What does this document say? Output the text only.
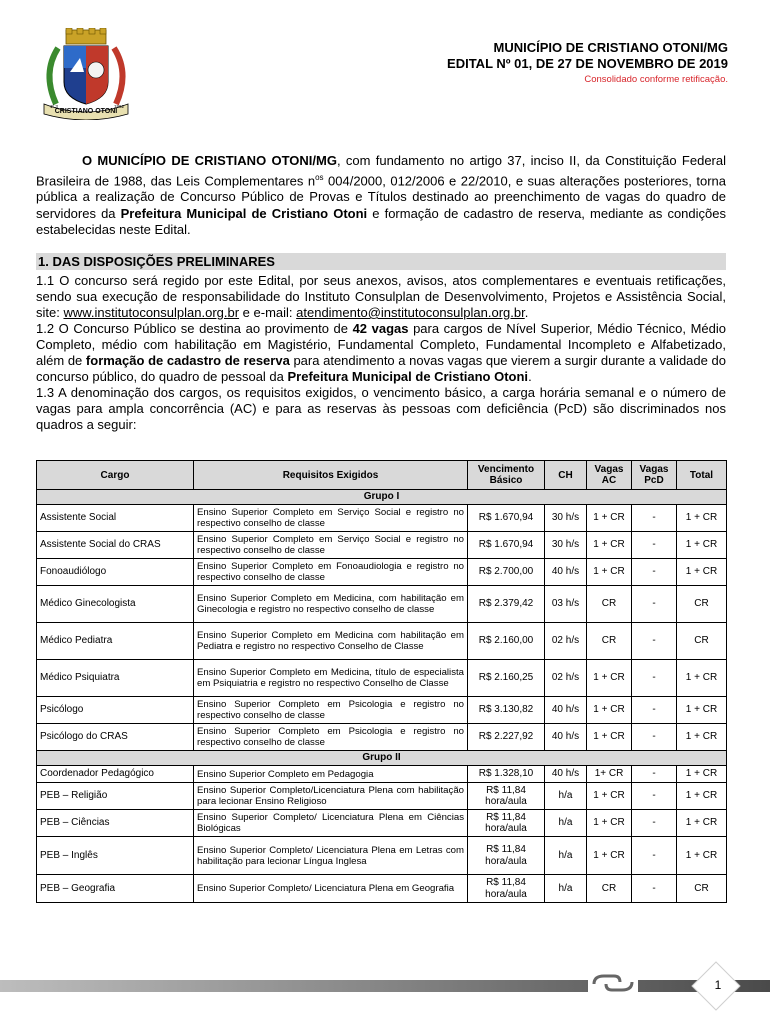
CRISTIANO OTONI
1º.3	1962
MUNICÍPIO DE CRISTIANO OTONI/MG
EDITAL Nº 01, DE 27 DE NOVEMBRO DE 2019
Consolidado conforme retificação.

O MUNICÍPIO DE CRISTIANO OTONI/MG, com fundamento no artigo 37, inciso II, da Constituição Federal Brasileira de 1988, das Leis Complementares $n^{os}$ 004/2000, 012/2006 e 22/2010, e suas alterações posteriores, torna pública a realização de Concurso Público de Provas e Títulos destinado ao preenchimento de vagas do quadro de servidores da Prefeitura Municipal de Cristiano Otoni e formação de cadastro de reserva, mediante as condições estabelecidas neste Edital.

1. DAS DISPOSIÇÕES PRELIMINARES

1.1 O concurso será regido por este Edital, por seus anexos, avisos, atos complementares e eventuais retificações, sendo sua execução de responsabilidade do Instituto Consulplan de Desenvolvimento, Projetos e Assistência Social, site: www.institutoconsulplan.org.br e e-mail: atendimento@institutoconsulplan.org.br.

1.2 O Concurso Público se destina ao provimento de 42 vagas para cargos de Nível Superior, Médio Técnico, Médio Completo, médio com habilitação em Magistério, Fundamental Completo, Fundamental Incompleto e Alfabetizado, além de formação de cadastro de reserva para atendimento a novas vagas que vierem a surgir durante a validade do concurso público, do quadro de pessoal da Prefeitura Municipal de Cristiano Otoni.

1.3 A denominação dos cargos, os requisitos exigidos, o vencimento básico, a carga horária semanal e o número de vagas para ampla concorrência (AC) e para as reservas às pessoas com deficiência (PcD) são discriminados nos quadros a seguir:

Cargo	Requisitos Exigidos	Vencimento Básico	CH	Vagas AC	Vagas PcD	Total
Grupo I						
Assistente Social	Ensino Superior Completo em Serviço Social e registro no respectivo conselho de classe	R$ 1.670,94	30 h/s	1 + CR	-	1 + CR
Assistente Social do CRAS	Ensino Superior Completo em Serviço Social e registro no respectivo conselho de classe	R$ 1.670,94	30 h/s	1 + CR	-	1 + CR
Fonoaudiólogo	Ensino Superior Completo em Fonoaudiologia e registro no respectivo conselho de classe	R$ 2.700,00	40 h/s	1 + CR	-	1 + CR
Médico Ginecologista	Ensino Superior Completo em Medicina, com habilitação em Ginecologia e registro no respectivo conselho de classe	R$ 2.379,42	03 h/s	CR	-	CR
Médico Pediatra	Ensino Superior Completo em Medicina com habilitação em Pediatra e registro no respectivo Conselho de Classe	R$ 2.160,00	02 h/s	CR	-	CR
Médico Psiquiatra	Ensino Superior Completo em Medicina, título de especialista em Psiquiatria e registro no respectivo Conselho de Classe	R$ 2.160,25	02 h/s	1 + CR	-	1 + CR
Psicólogo	Ensino Superior Completo em Psicologia e registro no respectivo conselho de classe	R$ 3.130,82	40 h/s	1 + CR	-	1 + CR
Psicólogo do CRAS	Ensino Superior Completo em Psicologia e registro no respectivo conselho de classe	R$ 2.227,92	40 h/s	1 + CR	-	1 + CR
Grupo II						
Coordenador Pedagógico	Ensino Superior Completo em Pedagogia	R$ 1.328,10	40 h/s	1+ CR	-	1 + CR
PEB – Religião	Ensino Superior Completo/Licenciatura Plena com habilitação para lecionar Ensino Religioso	R$ 11,84 hora/aula	h/a	1 + CR	-	1 + CR
PEB – Ciências	Ensino Superior Completo/ Licenciatura Plena em Ciências Biológicas	R$ 11,84 hora/aula	h/a	1 + CR	-	1 + CR
PEB – Inglês	Ensino Superior Completo/ Licenciatura Plena em Letras com habilitação para lecionar Língua Inglesa	R$ 11,84 hora/aula	h/a	1 + CR	-	1 + CR
PEB – Geografia	Ensino Superior Completo/ Licenciatura Plena em Geografia	R$ 11,84 hora/aula	h/a	CR	-	CR
1
